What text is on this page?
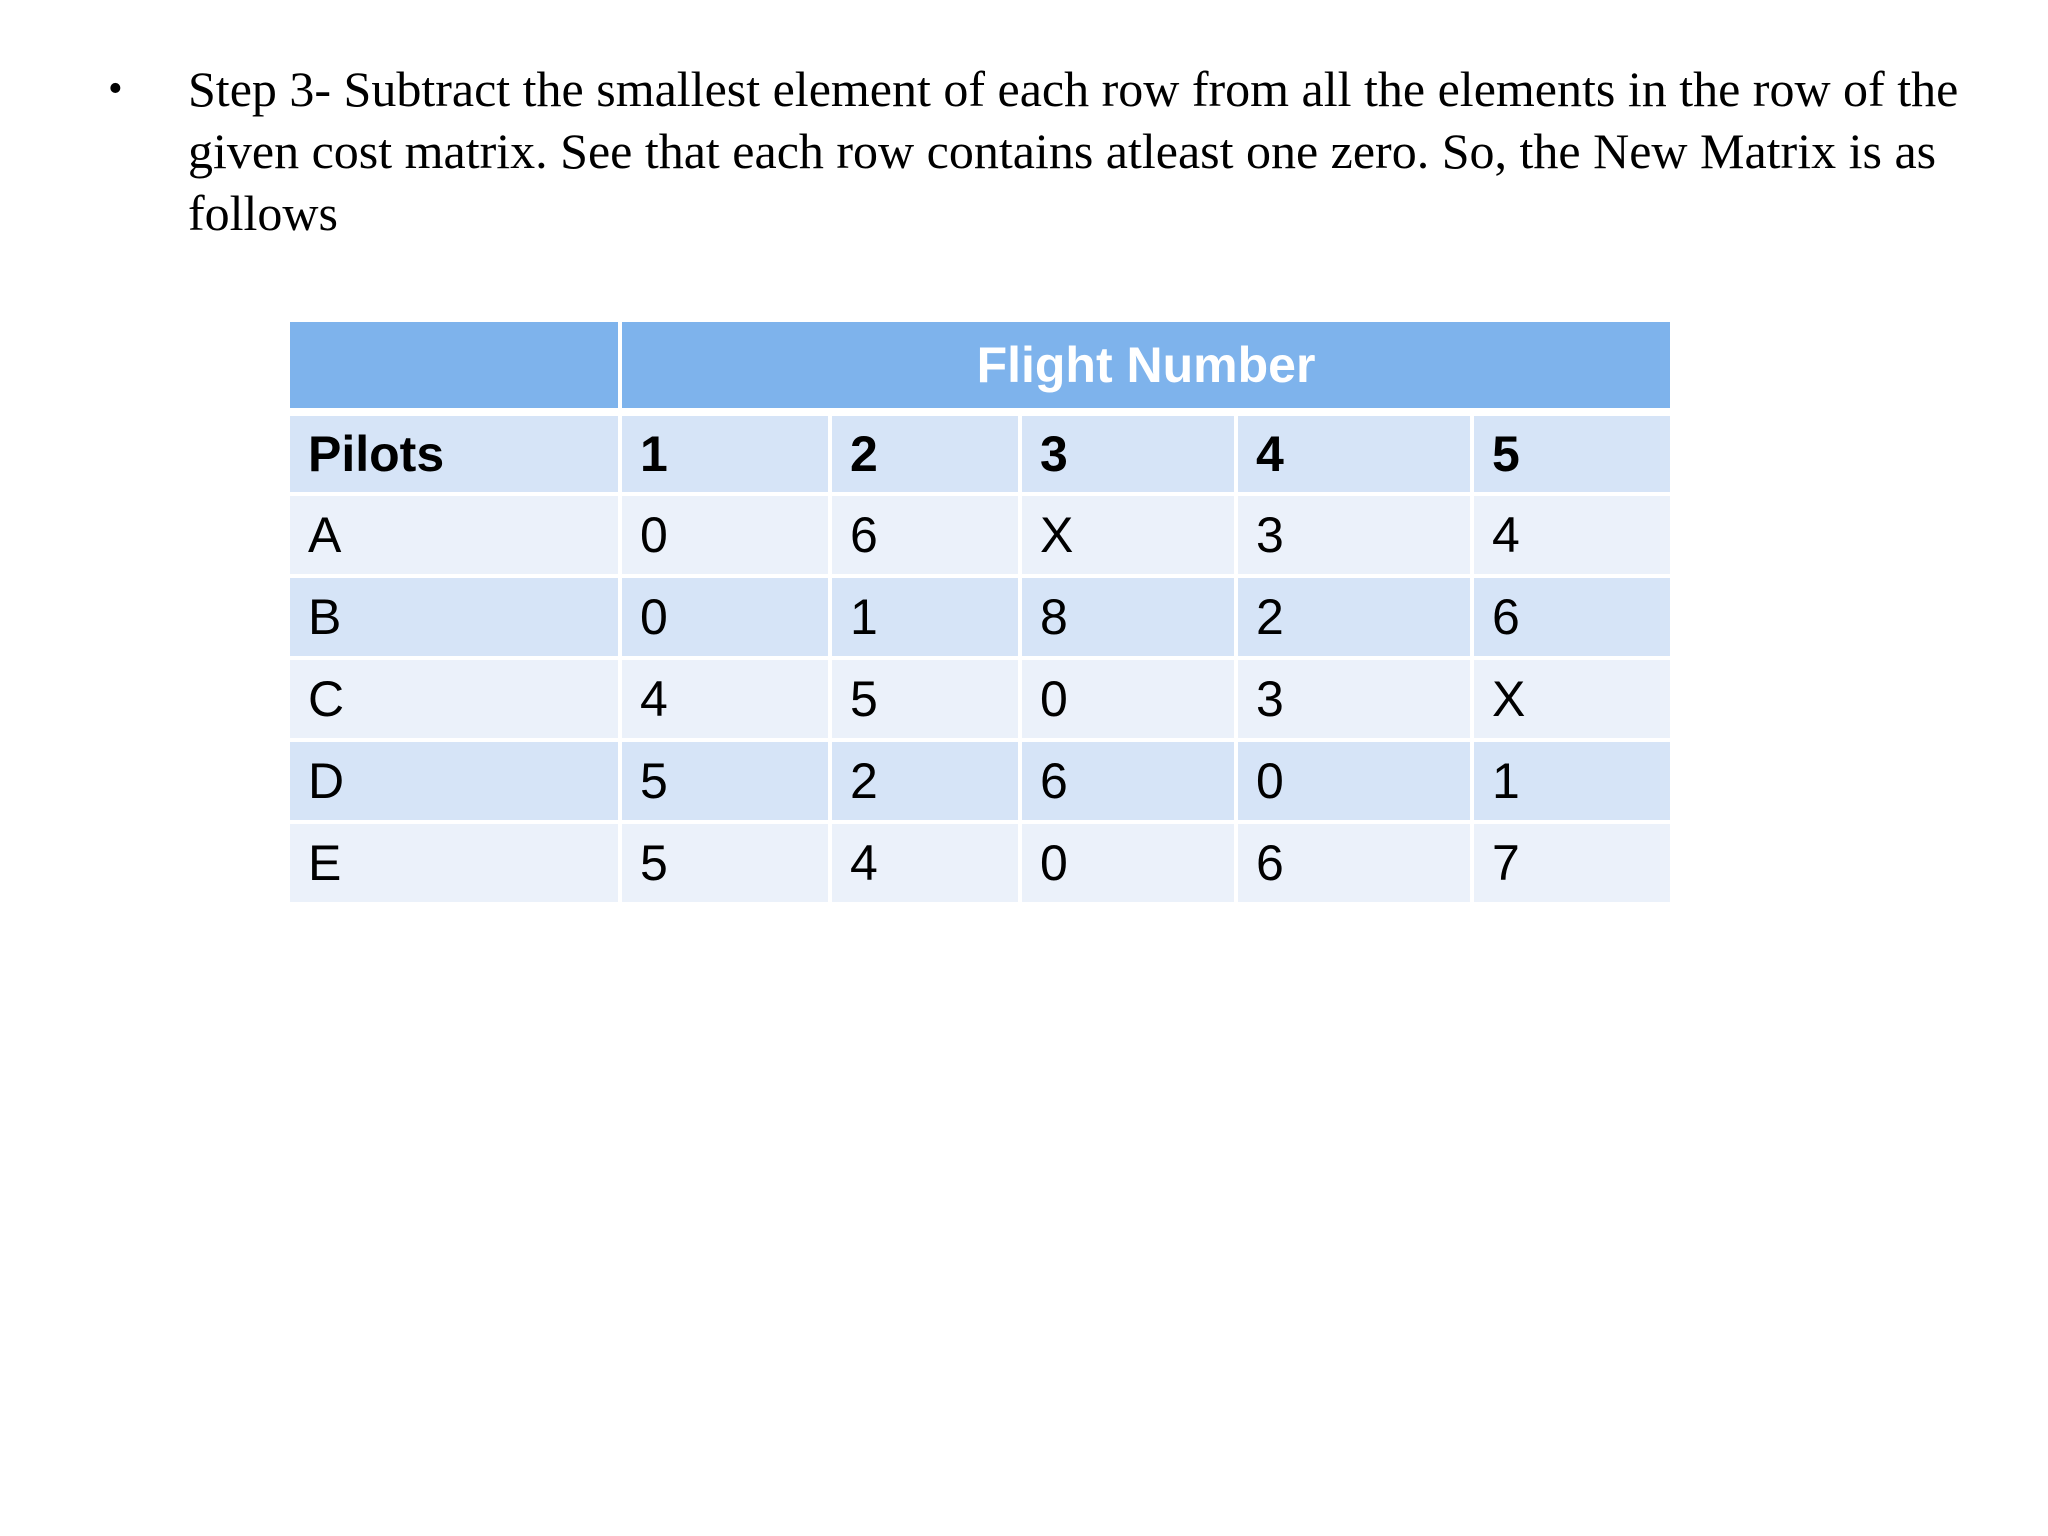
•	Step 3- Subtract the smallest element of each row from all the elements in the row of the given cost matrix. See that each row contains atleast one zero. So, the New Matrix is as follows
	Flight Number				
Pilots	1	2	3	4	5
A	0	6	X	3	4
B	0	1	8	2	6
C	4	5	0	3	X
D	5	2	6	0	1
E	5	4	0	6	7
